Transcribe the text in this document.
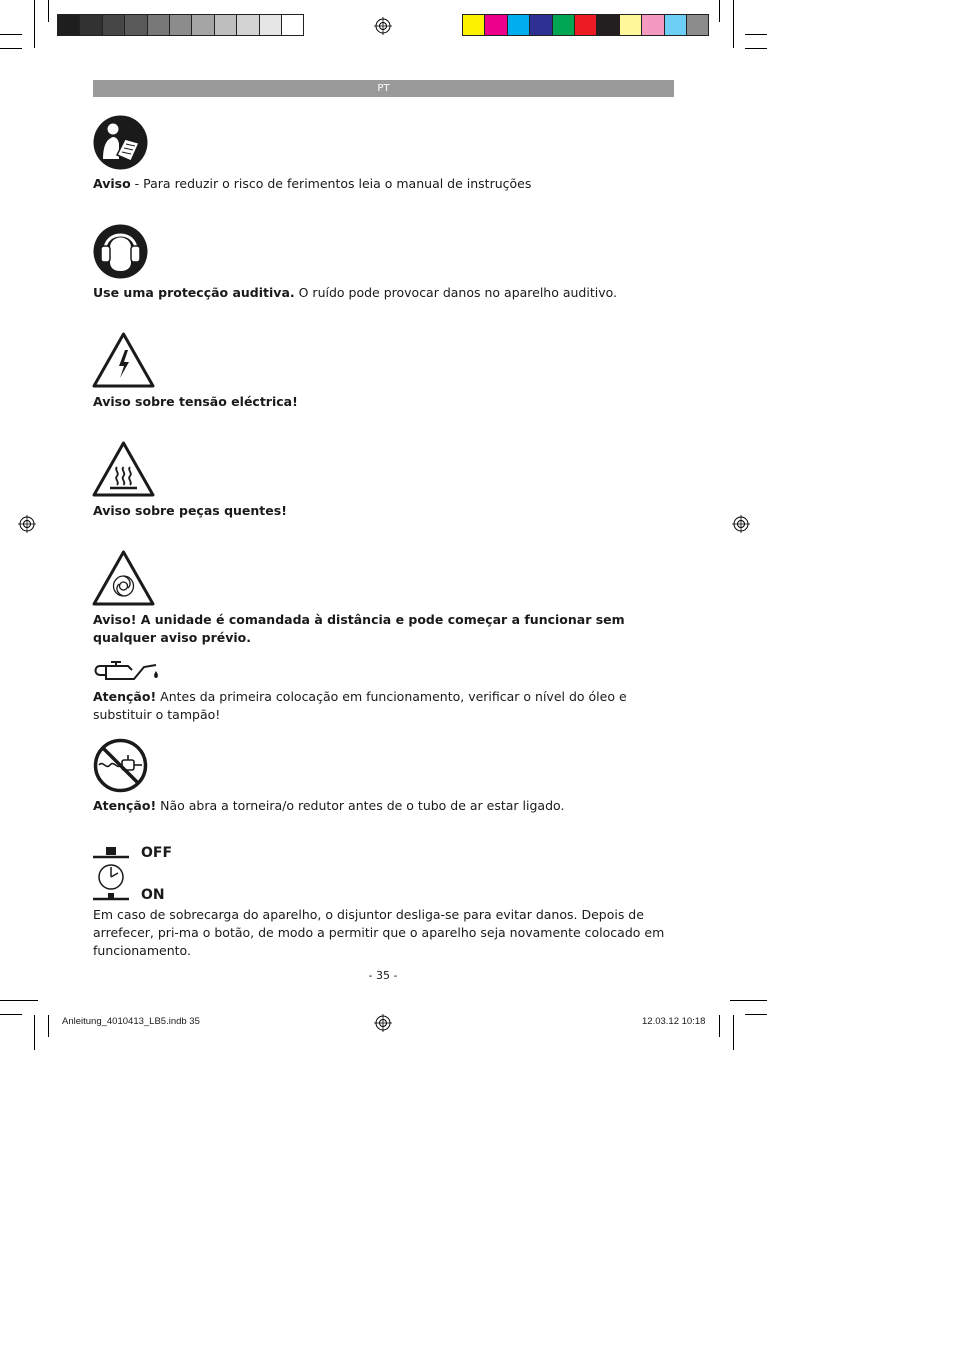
PT
Aviso - Para reduzir o risco de ferimentos leia o manual de instruções
Use uma protecção auditiva. O ruído pode provocar danos no aparelho auditivo.
Aviso sobre tensão eléctrica!
Aviso sobre peças quentes!
Aviso! A unidade é comandada à distância e pode começar a funcionar sem qualquer aviso prévio.
Atenção! Antes da primeira colocação em funcionamento, verificar o nível do óleo e substituir o tampão!
Atenção! Não abra a torneira/o redutor antes de o tubo de ar estar ligado.
OFF
ON
Em caso de sobrecarga do aparelho, o disjuntor desliga-se para evitar danos. Depois de arrefecer, pri-ma o botão, de modo a permitir que o aparelho seja novamente colocado em funcionamento.
- 35 -
Anleitung_4010413_LB5.indb 35	12.03.12 10:18
